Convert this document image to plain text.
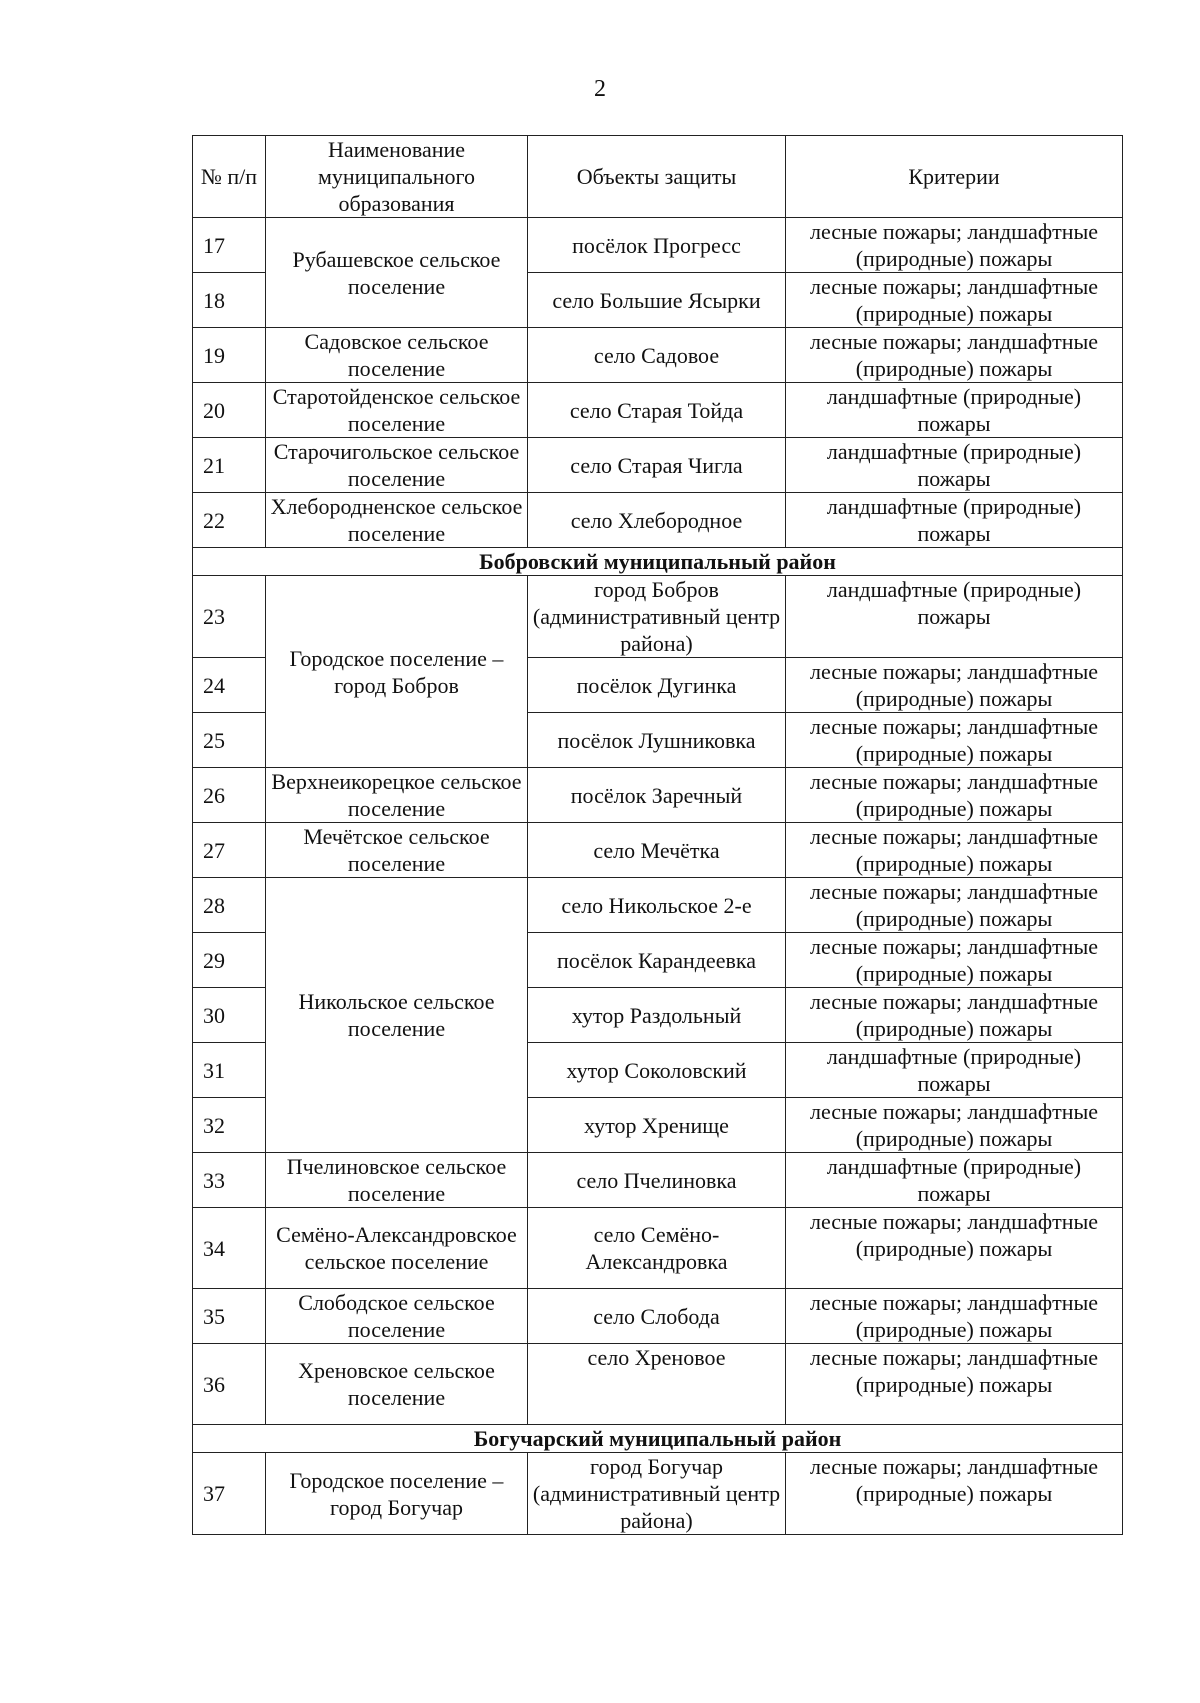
2
№ п/п	Наименование муниципального образования	Объекты защиты	Критерии
17	Рубашевское сельское поселение	посёлок Прогресс	лесные пожары; ландшафтные (природные) пожары
18		село Большие Ясырки	лесные пожары; ландшафтные (природные) пожары
19	Садовское сельское поселение	село Садовое	лесные пожары; ландшафтные (природные) пожары
20	Старотойденское сельское поселение	село Старая Тойда	ландшафтные (природные) пожары
21	Старочигольское сельское поселение	село Старая Чигла	ландшафтные (природные) пожары
22	Хлебородненское сельское поселение	село Хлебородное	ландшафтные (природные) пожары
Бобровский муниципальный район			
23	Городское поселение – город Бобров	город Бобров (административный центр района)	ландшафтные (природные) пожары
24		посёлок Дугинка	лесные пожары; ландшафтные (природные) пожары
25		посёлок Лушниковка	лесные пожары; ландшафтные (природные) пожары
26	Верхнеикорецкое сельское поселение	посёлок Заречный	лесные пожары; ландшафтные (природные) пожары
27	Мечётское сельское поселение	село Мечётка	лесные пожары; ландшафтные (природные) пожары
28	Никольское сельское поселение	село Никольское 2-е	лесные пожары; ландшафтные (природные) пожары
29		посёлок Карандеевка	лесные пожары; ландшафтные (природные) пожары
30		хутор Раздольный	лесные пожары; ландшафтные (природные) пожары
31		хутор Соколовский	ландшафтные (природные) пожары
32		хутор Хренище	лесные пожары; ландшафтные (природные) пожары
33	Пчелиновское сельское поселение	село Пчелиновка	ландшафтные (природные) пожары
34	Семёно-Александровское сельское поселение	село Семёно-Александровка	лесные пожары; ландшафтные (природные) пожары
35	Слободское сельское поселение	село Слобода	лесные пожары; ландшафтные (природные) пожары
36	Хреновское сельское поселение	село Хреновое	лесные пожары; ландшафтные (природные) пожары
Богучарский муниципальный район			
37	Городское поселение – город Богучар	город Богучар (административный центр района)	лесные пожары; ландшафтные (природные) пожары
